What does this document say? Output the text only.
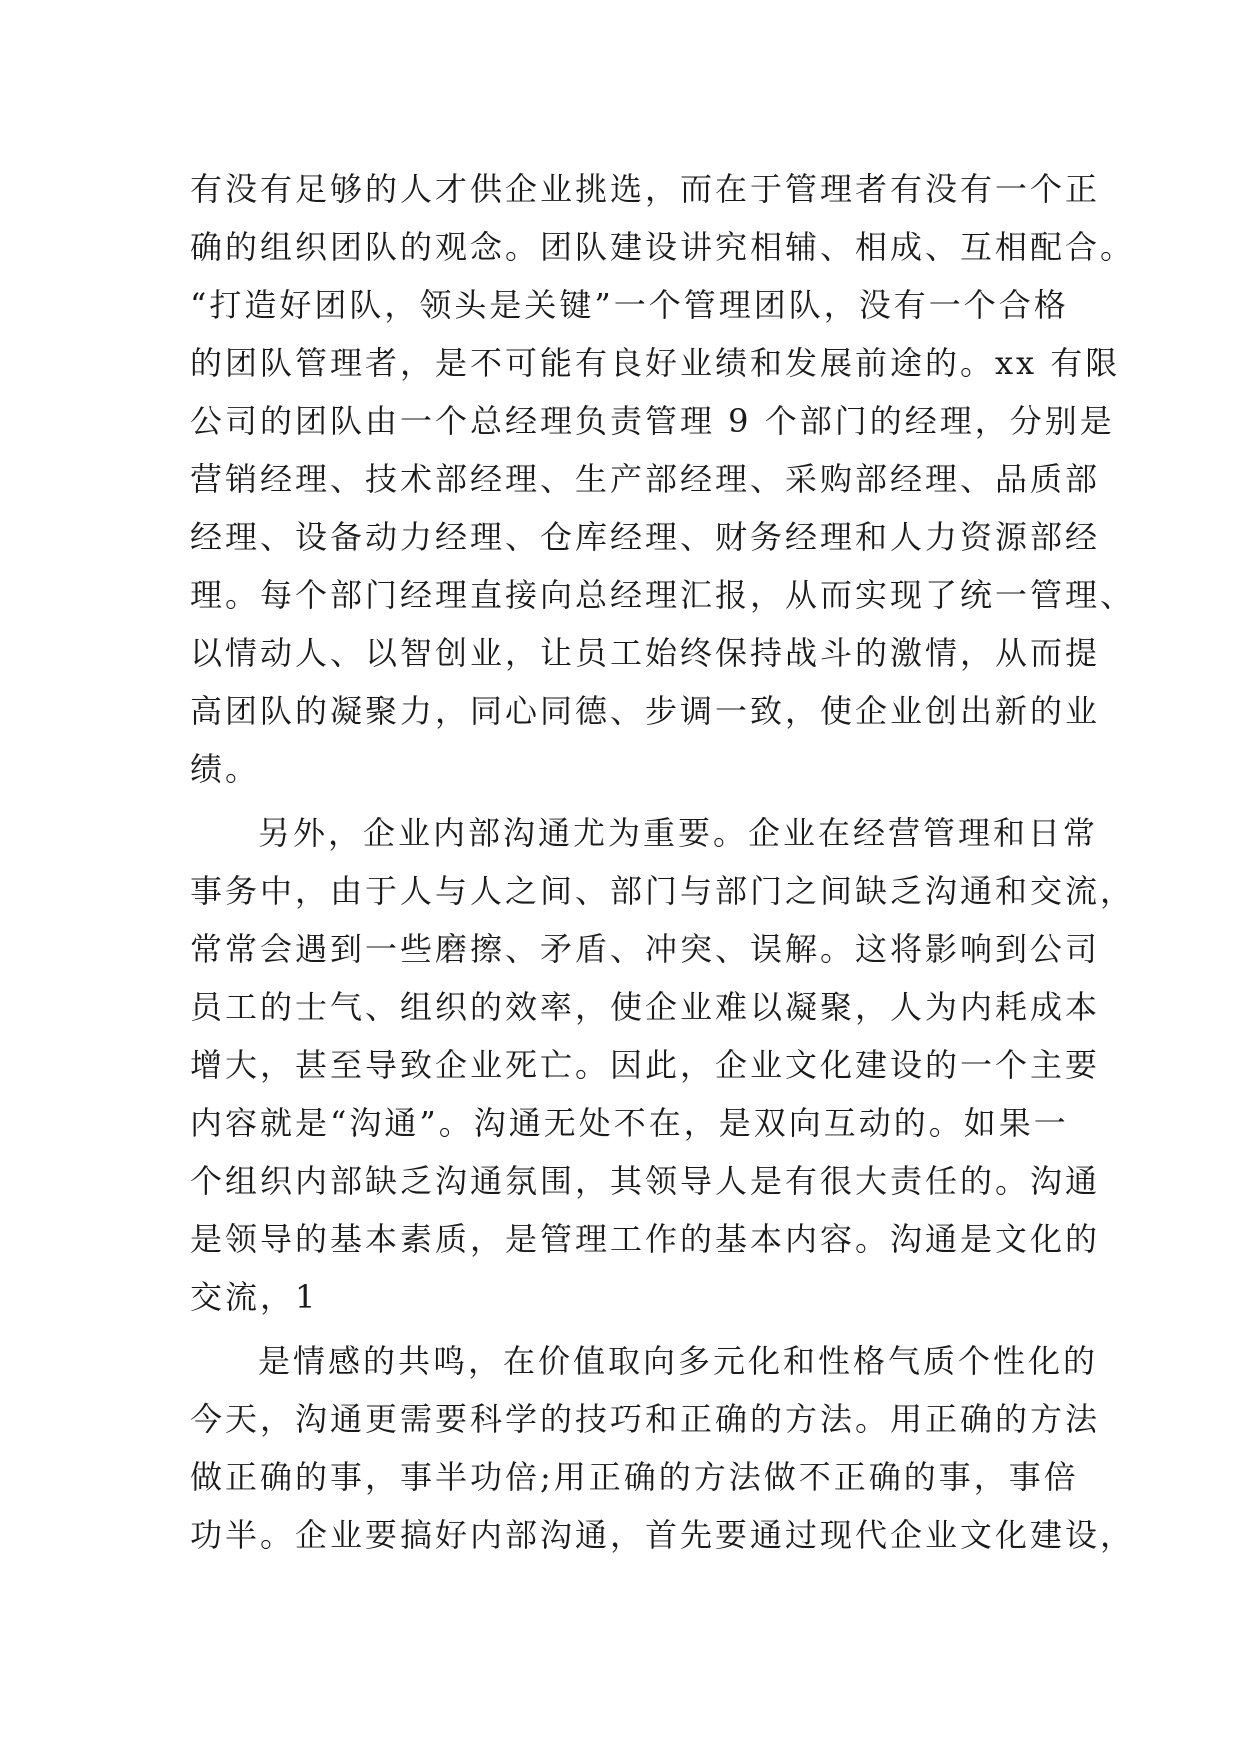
有没有足够的人才供企业挑选，而在于管理者有没有一个正
确的组织团队的观念。团队建设讲究相辅、相成、互相配合。
“打造好团队，领头是关键”一个管理团队，没有一个合格
的团队管理者，是不可能有良好业绩和发展前途的。xx 有限
公司的团队由一个总经理负责管理 9 个部门的经理，分别是
营销经理、技术部经理、生产部经理、采购部经理、品质部
经理、设备动力经理、仓库经理、财务经理和人力资源部经
理。每个部门经理直接向总经理汇报，从而实现了统一管理、
以情动人、以智创业，让员工始终保持战斗的激情，从而提
高团队的凝聚力，同心同德、步调一致，使企业创出新的业
绩。
另外，企业内部沟通尤为重要。企业在经营管理和日常
事务中，由于人与人之间、部门与部门之间缺乏沟通和交流，
常常会遇到一些磨擦、矛盾、冲突、误解。这将影响到公司
员工的士气、组织的效率，使企业难以凝聚，人为内耗成本
增大，甚至导致企业死亡。因此，企业文化建设的一个主要
内容就是“沟通”。沟通无处不在，是双向互动的。如果一
个组织内部缺乏沟通氛围，其领导人是有很大责任的。沟通
是领导的基本素质，是管理工作的基本内容。沟通是文化的
交流，1
是情感的共鸣，在价值取向多元化和性格气质个性化的
今天，沟通更需要科学的技巧和正确的方法。用正确的方法
做正确的事，事半功倍;用正确的方法做不正确的事，事倍
功半。企业要搞好内部沟通，首先要通过现代企业文化建设，
